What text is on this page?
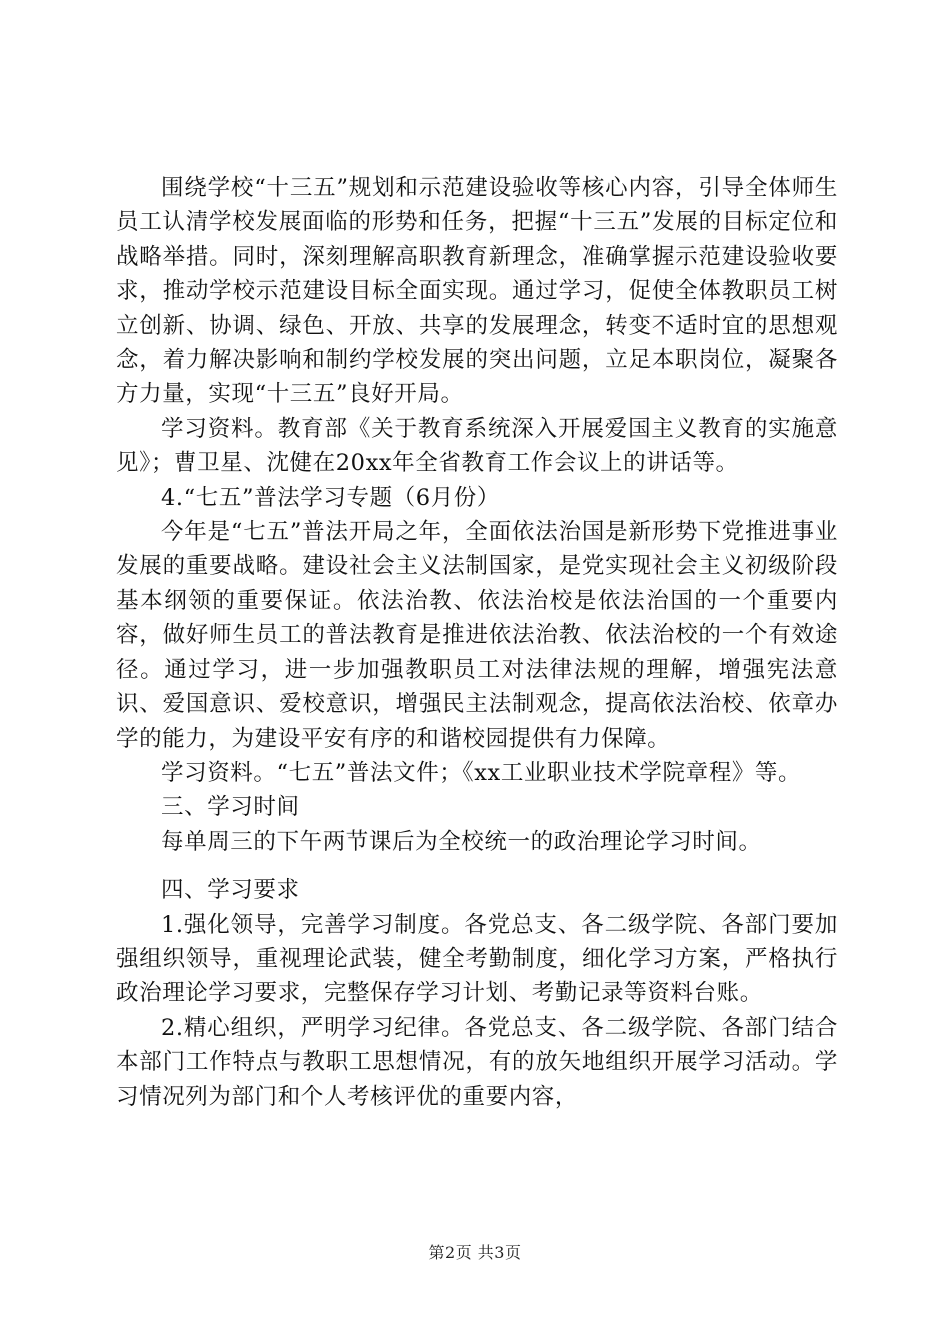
围绕学校“十三五”规划和示范建设验收等核心内容，引导全体师生员工认清学校发展面临的形势和任务，把握“十三五”发展的目标定位和战略举措。同时，深刻理解高职教育新理念，准确掌握示范建设验收要求，推动学校示范建设目标全面实现。通过学习，促使全体教职员工树立创新、协调、绿色、开放、共享的发展理念，转变不适时宜的思想观念，着力解决影响和制约学校发展的突出问题，立足本职岗位，凝聚各方力量，实现“十三五”良好开局。

学习资料。教育部《关于教育系统深入开展爱国主义教育的实施意见》；曹卫星、沈健在20xx年全省教育工作会议上的讲话等。

4.“七五”普法学习专题（6月份）

今年是“七五”普法开局之年，全面依法治国是新形势下党推进事业发展的重要战略。建设社会主义法制国家，是党实现社会主义初级阶段基本纲领的重要保证。依法治教、依法治校是依法治国的一个重要内容，做好师生员工的普法教育是推进依法治教、依法治校的一个有效途径。通过学习，进一步加强教职员工对法律法规的理解，增强宪法意识、爱国意识、爱校意识，增强民主法制观念，提高依法治校、依章办学的能力，为建设平安有序的和谐校园提供有力保障。

学习资料。“七五”普法文件；《xx工业职业技术学院章程》等。

三、学习时间

每单周三的下午两节课后为全校统一的政治理论学习时间。

四、学习要求

1.强化领导，完善学习制度。各党总支、各二级学院、各部门要加强组织领导，重视理论武装，健全考勤制度，细化学习方案，严格执行政治理论学习要求，完整保存学习计划、考勤记录等资料台账。

2.精心组织，严明学习纪律。各党总支、各二级学院、各部门结合本部门工作特点与教职工思想情况，有的放矢地组织开展学习活动。学习情况列为部门和个人考核评优的重要内容，

第2页 共3页
